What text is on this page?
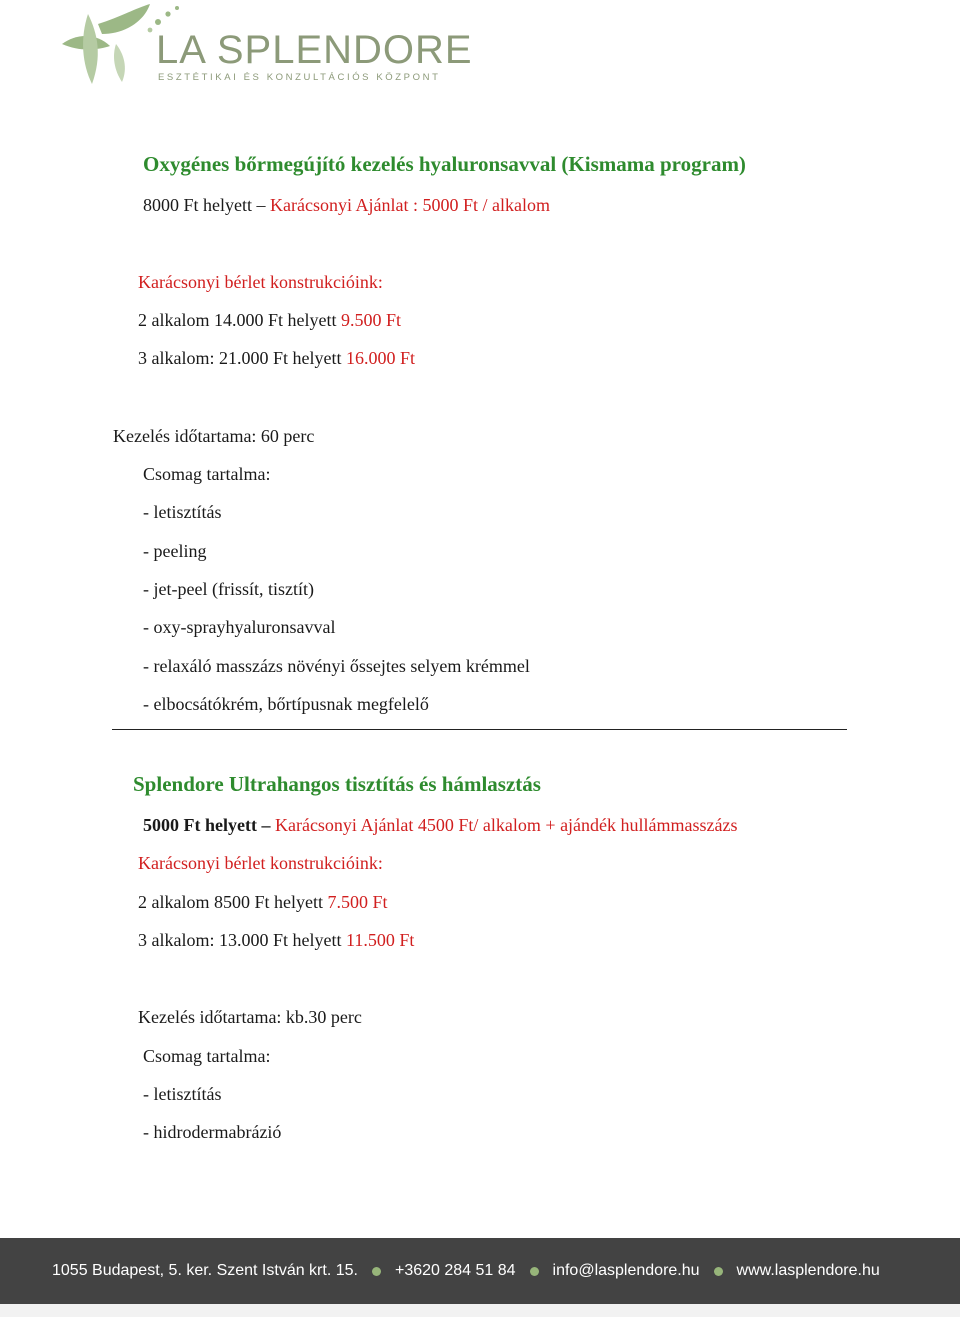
LA SPLENDORE
ESZTÉTIKAI ÉS KONZULTÁCIÓS KÖZPONT
Oxygénes bőrmegújító kezelés hyaluronsavval (Kismama program)
8000 Ft helyett – Karácsonyi Ajánlat : 5000 Ft / alkalom
Karácsonyi bérlet konstrukcióink:
2 alkalom 14.000 Ft helyett 9.500 Ft
3 alkalom: 21.000 Ft helyett 16.000 Ft
Kezelés időtartama: 60 perc
Csomag tartalma:
- letisztítás
- peeling
- jet-peel (frissít, tisztít)
- oxy-sprayhyaluronsavval
- relaxáló masszázs növényi őssejtes selyem krémmel
- elbocsátókrém, bőrtípusnak megfelelő
Splendore Ultrahangos tisztítás és hámlasztás
5000 Ft helyett – Karácsonyi Ajánlat 4500 Ft/ alkalom + ajándék hullámmasszázs
Karácsonyi bérlet konstrukcióink:
2 alkalom 8500 Ft helyett 7.500 Ft
3 alkalom: 13.000 Ft helyett 11.500 Ft
Kezelés időtartama: kb.30 perc
Csomag tartalma:
- letisztítás
- hidrodermabrázió
1055 Budapest, 5. ker. Szent István krt. 15. +3620 284 51 84 info@lasplendore.hu www.lasplendore.hu
